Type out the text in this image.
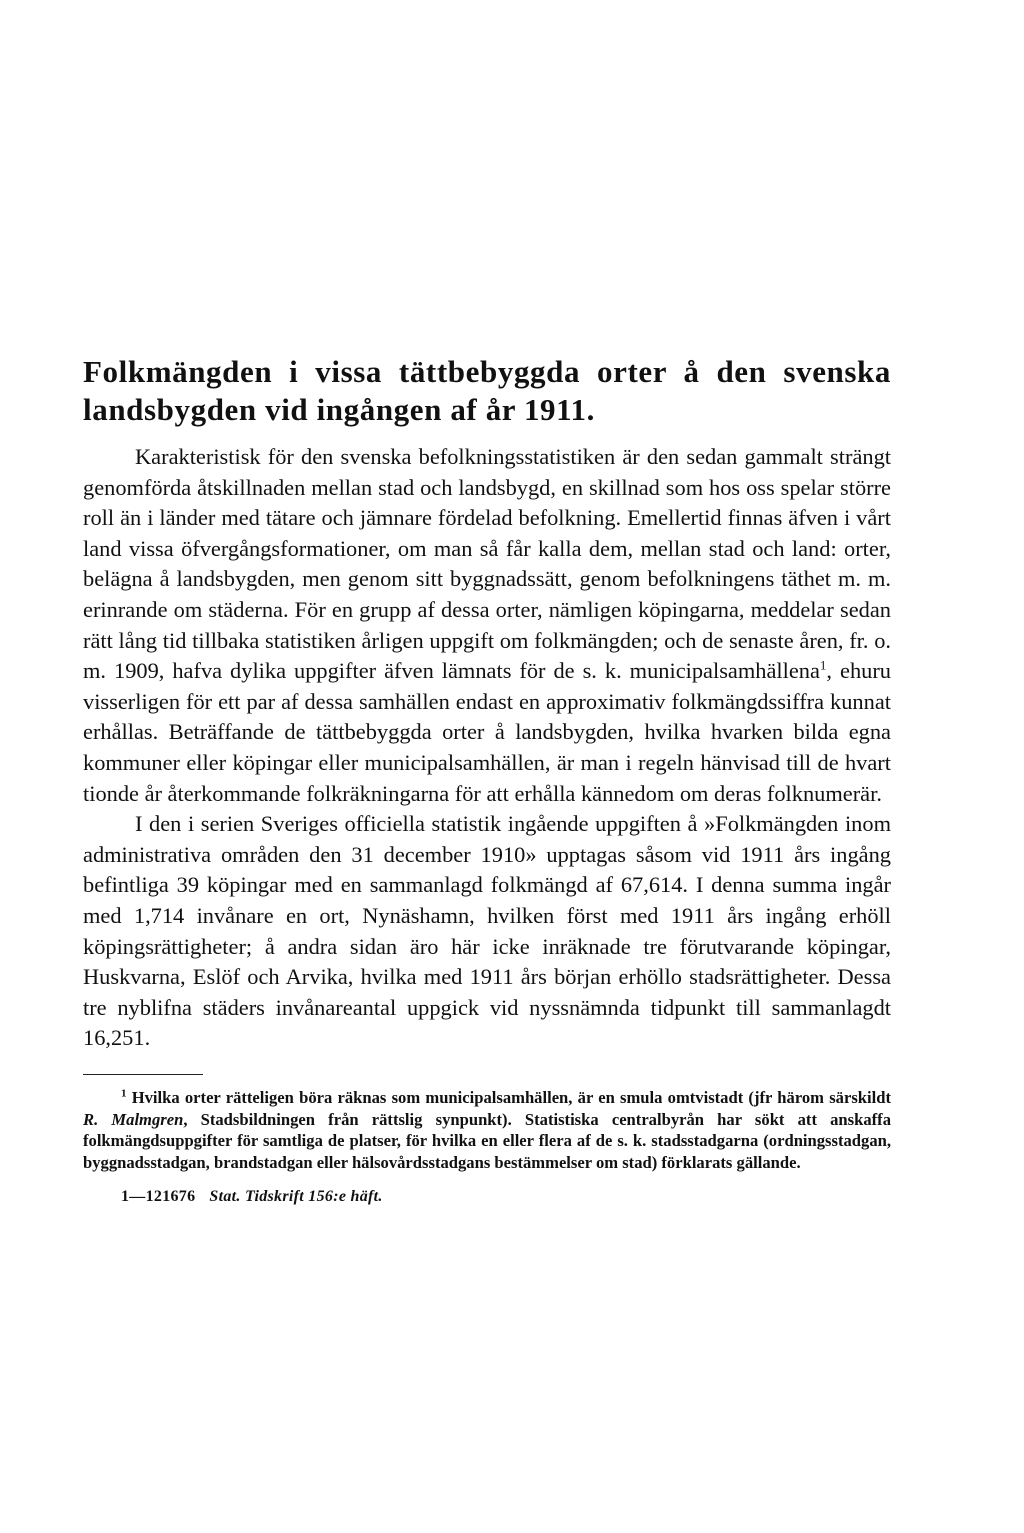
Folkmängden i vissa tättbebyggda orter å den svenska landsbygden vid ingången af år 1911.

Karakteristisk för den svenska befolkningsstatistiken är den sedan gammalt strängt genomförda åtskillnaden mellan stad och landsbygd, en skillnad som hos oss spelar större roll än i länder med tätare och jämnare fördelad befolkning. Emellertid finnas äfven i vårt land vissa öfvergångsformationer, om man så får kalla dem, mellan stad och land: orter, belägna å landsbygden, men genom sitt byggnadssätt, genom befolkningens täthet m. m. erinrande om städerna. För en grupp af dessa orter, nämligen köpingarna, meddelar sedan rätt lång tid tillbaka statistiken årligen uppgift om folkmängden; och de senaste åren, fr. o. m. 1909, hafva dylika uppgifter äfven lämnats för de s. k. municipalsamhällena$^1$, ehuru visserligen för ett par af dessa samhällen endast en approximativ folkmängdssiffra kunnat erhållas. Beträffande de tättbebyggda orter å landsbygden, hvilka hvarken bilda egna kommuner eller köpingar eller municipalsamhällen, är man i regeln hänvisad till de hvart tionde år återkommande folkräkningarna för att erhålla kännedom om deras folknumerär.

I den i serien Sveriges officiella statistik ingående uppgiften å »Folkmängden inom administrativa områden den 31 december 1910» upptagas såsom vid 1911 års ingång befintliga 39 köpingar med en sammanlagd folkmängd af 67,614. I denna summa ingår med 1,714 invånare en ort, Nynäshamn, hvilken först med 1911 års ingång erhöll köpingsrättigheter; å andra sidan äro här icke inräknade tre förutvarande köpingar, Huskvarna, Eslöf och Arvika, hvilka med 1911 års början erhöllo stadsrättigheter. Dessa tre nyblifna städers invånareantal uppgick vid nyssnämnda tidpunkt till sammanlagdt 16,251.

$^1$ Hvilka orter rätteligen böra räknas som municipalsamhällen, är en smula omtvistadt (jfr härom särskildt R. Malmgren, Stadsbildningen från rättslig synpunkt). Statistiska centralbyrån har sökt att anskaffa folkmängdsuppgifter för samtliga de platser, för hvilka en eller flera af de s. k. stadsstadgarna (ordningsstadgan, byggnadsstadgan, brandstadgan eller hälsovårdsstadgans bestämmelser om stad) förklarats gällande.

1—121676 Stat. Tidskrift 156:e häft.
